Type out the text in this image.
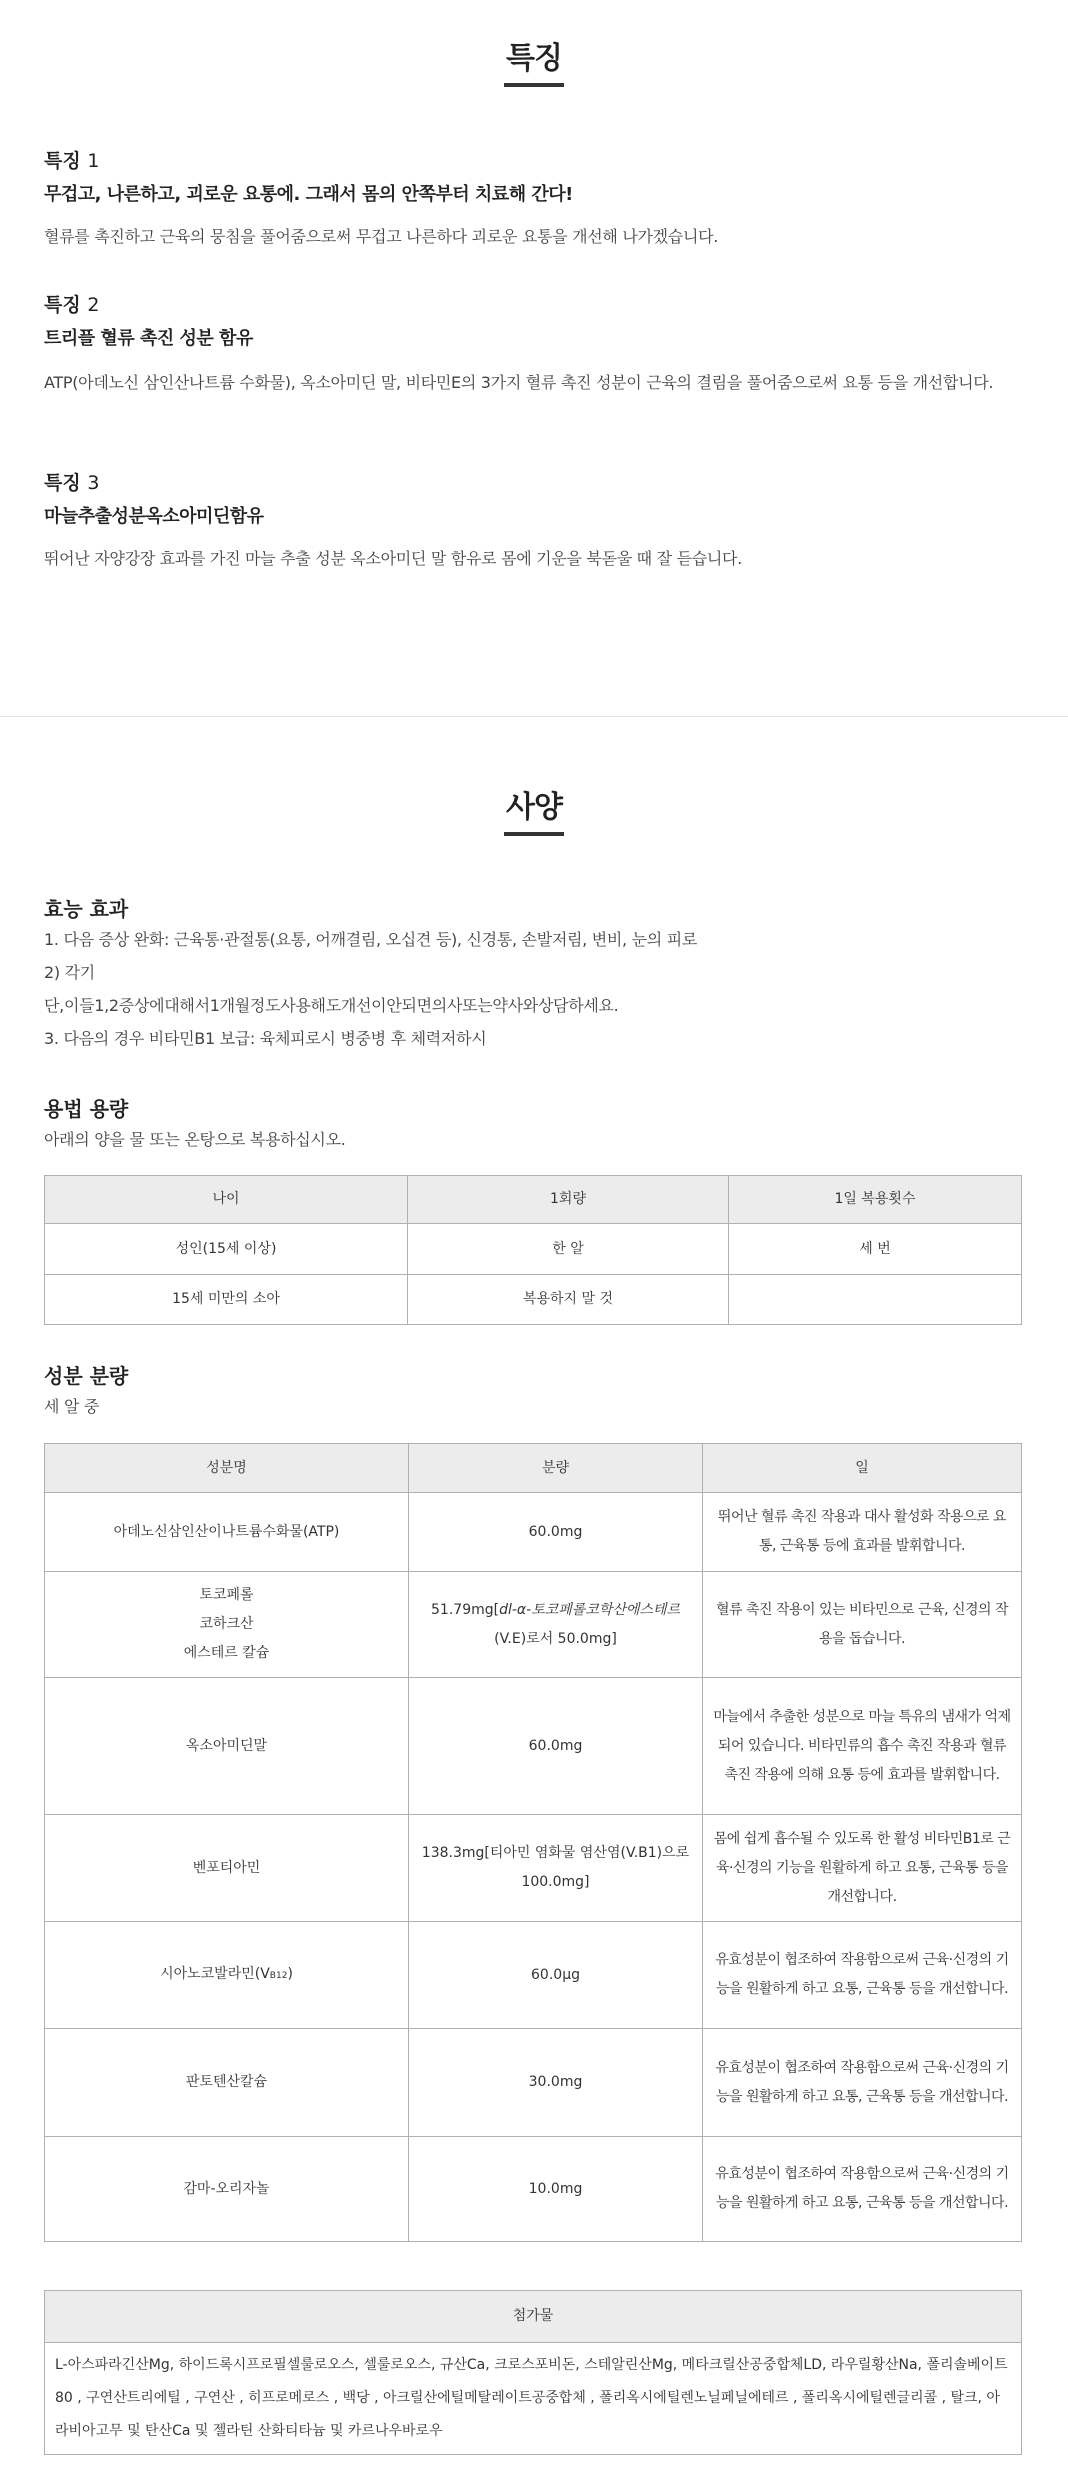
특징
특징 1
무겁고, 나른하고, 괴로운 요통에. 그래서 몸의 안쪽부터 치료해 간다!
혈류를 촉진하고 근육의 뭉침을 풀어줌으로써 무겁고 나른하다 괴로운 요통을 개선해 나가겠습니다.
특징 2
트리플 혈류 촉진 성분 함유
ATP(아데노신 삼인산나트륨 수화물), 옥소아미딘 말, 비타민E의 3가지 혈류 촉진 성분이 근육의 결림을 풀어줌으로써 요통 등을 개선합니다.
특징 3
마늘추출성분옥소아미딘함유
뛰어난 자양강장 효과를 가진 마늘 추출 성분 옥소아미딘 말 함유로 몸에 기운을 북돋울 때 잘 듣습니다.
사양
효능 효과
1. 다음 증상 완화: 근육통·관절통(요통, 어깨결림, 오십견 등), 신경통, 손발저림, 변비, 눈의 피로
2) 각기
단,이들1,2증상에대해서1개월정도사용해도개선이안되면의사또는약사와상담하세요.
3. 다음의 경우 비타민B1 보급: 육체피로시 병중병 후 체력저하시
용법 용량
아래의 양을 물 또는 온탕으로 복용하십시오.
나이	1회량	1일 복용횟수
성인(15세 이상)	한 알	세 번
15세 미만의 소아	복용하지 말 것	
성분 분량
세 알 중
성분명	분량	일
아데노신삼인산이나트륨수화물(ATP)	60.0mg	뛰어난 혈류 촉진 작용과 대사 활성화 작용으로 요통, 근육통 등에 효과를 발휘합니다.

토코페롤
코하크산
에스테르 칼슘	51.79mg[dl-α-토코페롤코학산에스테르(V.E)로서 50.0mg]	혈류 촉진 작용이 있는 비타민으로 근육, 신경의 작용을 돕습니다.
옥소아미딘말	60.0mg	마늘에서 추출한 성분으로 마늘 특유의 냄새가 억제되어 있습니다. 비타민류의 흡수 촉진 작용과 혈류 촉진 작용에 의해 요통 등에 효과를 발휘합니다.
벤포티아민	138.3mg[티아민 염화물 염산염(V.B1)으로 100.0mg]	몸에 쉽게 흡수될 수 있도록 한 활성 비타민B1로 근육·신경의 기능을 원활하게 하고 요통, 근육통 등을 개선합니다.
시아노코발라민(VB12)	60.0μg	유효성분이 협조하여 작용함으로써 근육·신경의 기능을 원활하게 하고 요통, 근육통 등을 개선합니다.
판토텐산칼슘	30.0mg	유효성분이 협조하여 작용함으로써 근육·신경의 기능을 원활하게 하고 요통, 근육통 등을 개선합니다.
감마-오리자놀	10.0mg	유효성분이 협조하여 작용함으로써 근육·신경의 기능을 원활하게 하고 요통, 근육통 등을 개선합니다.
첨가물
L-아스파라긴산Mg, 하이드록시프로필셀룰로오스, 셀룰로오스, 규산Ca, 크로스포비돈, 스테알린산Mg, 메타크릴산공중합체LD, 라우릴황산Na, 폴리솔베이트80 , 구연산트리에틸 , 구연산 , 히프로메로스 , 백당 , 아크릴산에틸메탈레이트공중합체 , 폴리옥시에틸렌노닐페닐에테르 , 폴리옥시에틸렌글리콜 , 탈크, 아라비아고무 및 탄산Ca 및 젤라틴 산화티타늄 및 카르나우바로우
